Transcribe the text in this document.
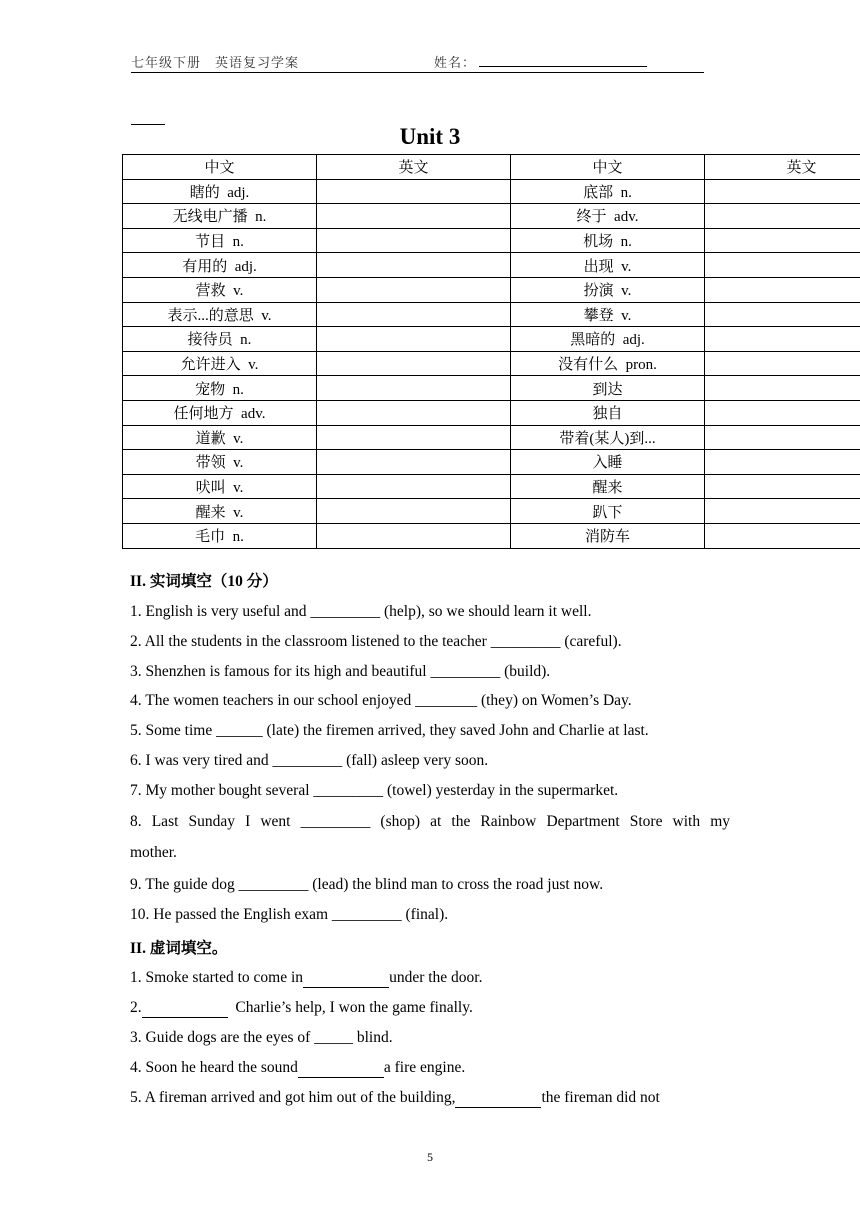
七年级下册　英语复习学案	姓名：
Unit 3
中文	英文	中文	英文
瞎的  adj.		底部  n.	
无线电广播  n.		终于  adv.	
节目  n.		机场  n.	
有用的  adj.		出现  v.	
营救  v.		扮演  v.	
表示...的意思  v.		攀登  v.	
接待员  n.		黑暗的  adj.	
允许进入  v.		没有什么  pron.	
宠物  n.		到达	
任何地方  adv.		独自	
道歉  v.		带着(某人)到...	
带领  v.		入睡	
吠叫  v.		醒来	
醒来  v.		趴下	
毛巾  n.		消防车	
II. 实词填空（10 分）
1. English is very useful and _________ (help), so we should learn it well.
2. All the students in the classroom listened to the teacher _________ (careful).
3. Shenzhen is famous for its high and beautiful _________ (build).
4. The women teachers in our school enjoyed ________ (they) on Women’s Day.
5. Some time ______ (late) the firemen arrived, they saved John and Charlie at last.
6. I was very tired and _________ (fall) asleep very soon.
7. My mother bought several _________ (towel) yesterday in the supermarket.
8. Last Sunday I went _________ (shop) at the Rainbow Department Store with my
mother.
9. The guide dog _________ (lead) the blind man to cross the road just now.
10. He passed the English exam _________ (final).
II. 虚词填空。
1. Smoke started to come in	under the door.
2.	Charlie’s help, I won the game finally.
3. Guide dogs are the eyes of _____ blind.
4. Soon he heard the sound	a fire engine.
5. A fireman arrived and got him out of the building,	the fireman did not
5
